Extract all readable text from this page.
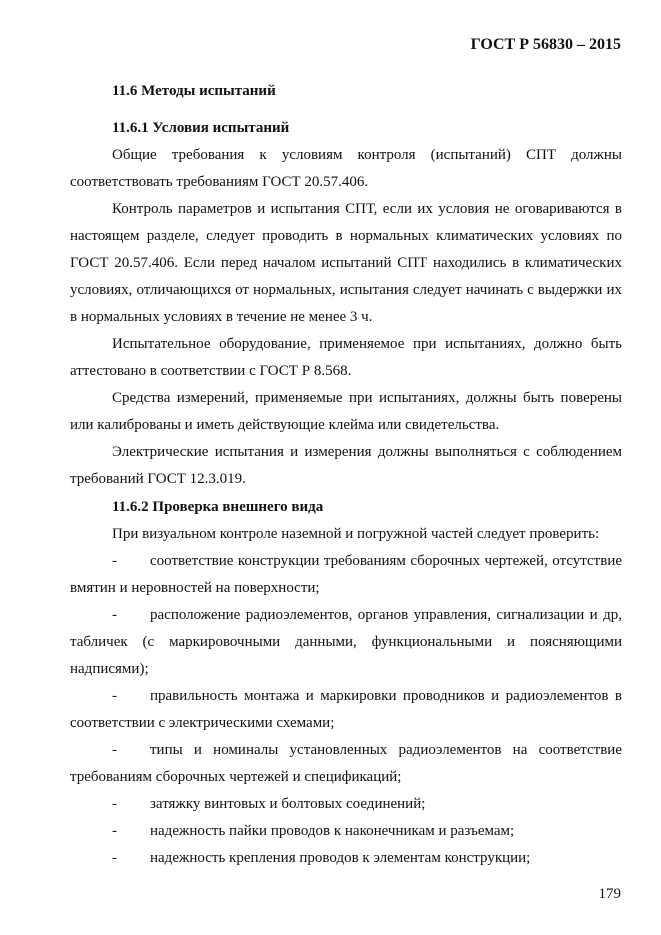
ГОСТ Р 56830 – 2015
11.6 Методы испытаний
11.6.1 Условия испытаний

Общие требования к условиям контроля (испытаний) СПТ должны соответствовать требованиям ГОСТ 20.57.406.

Контроль параметров и испытания СПТ, если их условия не оговариваются в настоящем разделе, следует проводить в нормальных климатических условиях по ГОСТ 20.57.406. Если перед началом испытаний СПТ находились в климатических условиях, отличающихся от нормальных, испытания следует начинать с выдержки их в нормальных условиях в течение не менее 3 ч.

Испытательное оборудование, применяемое при испытаниях, должно быть аттестовано в соответствии с ГОСТ Р 8.568.

Средства измерений, применяемые при испытаниях, должны быть поверены или калиброваны и иметь действующие клейма или свидетельства.

Электрические испытания и измерения должны выполняться с соблюдением требований ГОСТ 12.3.019.

11.6.2 Проверка внешнего вида

При визуальном контроле наземной и погружной частей следует проверить:

-	соответствие конструкции требованиям сборочных чертежей, отсутствие вмятин и неровностей на поверхности;
-	расположение радиоэлементов, органов управления, сигнализации и др, табличек (с маркировочными данными, функциональными и поясняющими надписями);
-	правильность монтажа и маркировки проводников и радиоэлементов в соответствии с электрическими схемами;
-	типы и номиналы установленных радиоэлементов на соответствие требованиям сборочных чертежей и спецификаций;
-	затяжку винтовых и болтовых соединений;
-	надежность пайки проводов к наконечникам и разъемам;
-	надежность крепления проводов к элементам конструкции;
179
